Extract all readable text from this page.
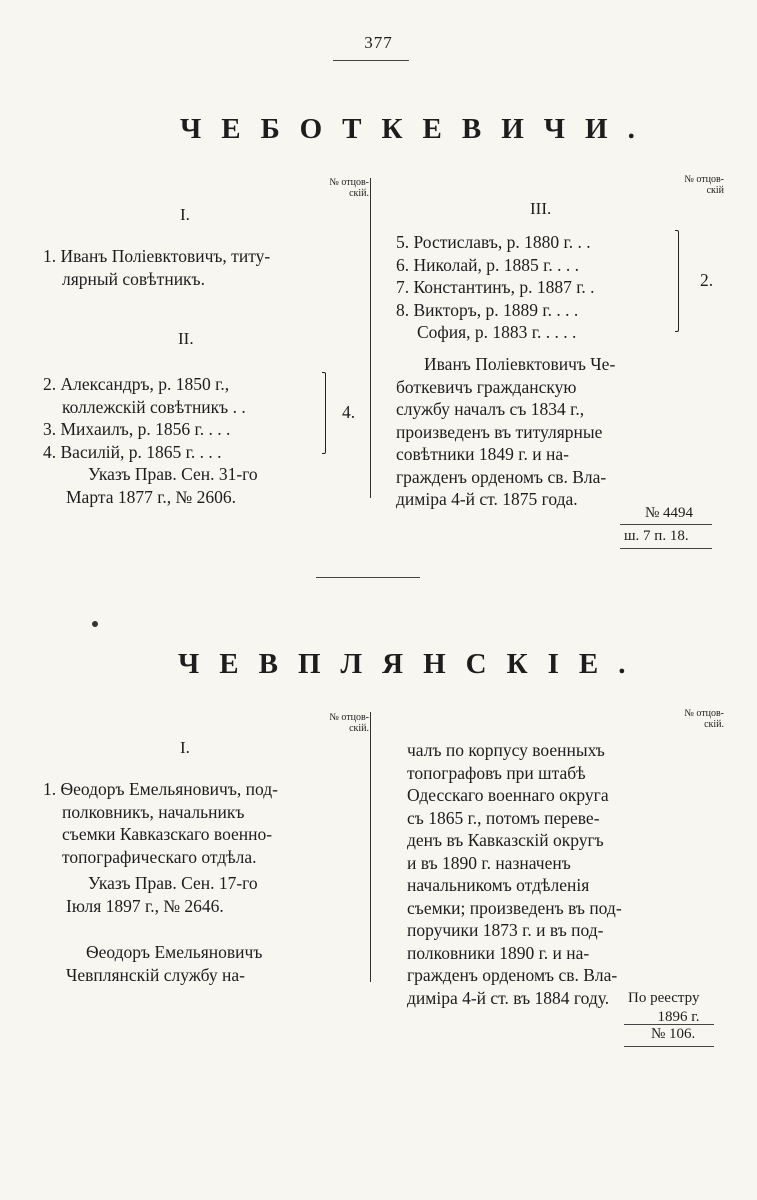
377
ЧЕБОТКЕВИЧИ.
№ отцов-
скій.
№ отцов-
скій
I.
1. Иванъ Поліевктовичъ, титу-
лярный совѣтникъ.
II.
2. Александръ, р. 1850 г.,
коллежскій совѣтникъ . .
3. Михаилъ, р. 1856 г. . . .
4. Василій, р. 1865 г. . . .
4.
Указъ Прав. Сен. 31-го
Марта 1877 г., № 2606.
III.
5. Ростиславъ, р. 1880 г. . .
6. Николай, р. 1885 г. . . .
7. Константинъ, р. 1887 г. .
8. Викторъ, р. 1889 г. . . .
София, р. 1883 г. . . . .
2.
Иванъ Поліевктовичъ Че-
боткевичъ гражданскую
службу началъ съ 1834 г.,
произведенъ въ титулярные
совѣтники 1849 г. и на-
гражденъ орденомъ св. Вла-
диміра 4-й ст. 1875 года.
№ 4494
ш. 7 п. 18.
ЧЕВПЛЯНСКІЕ.
№ отцов-
скій.
№ отцов-
скій.
I.
1. Ѳеодоръ Емельяновичъ, под-
полковникъ, начальникъ
съемки Кавказскаго военно-
топографическаго отдѣла.
Указъ Прав. Сен. 17-го
Іюля 1897 г., № 2646.
Ѳеодоръ Емельяновичъ
Чевплянскій службу на-
чалъ по корпусу военныхъ
топографовъ при штабѣ
Одесскаго военнаго округа
съ 1865 г., потомъ переве-
денъ въ Кавказскій округъ
и въ 1890 г. назначенъ
начальникомъ отдѣленія
съемки; произведенъ въ под-
поручики 1873 г. и въ под-
полковники 1890 г. и на-
гражденъ орденомъ св. Вла-
диміра 4-й ст. въ 1884 году.	По реестру
1896 г.
№ 106.
